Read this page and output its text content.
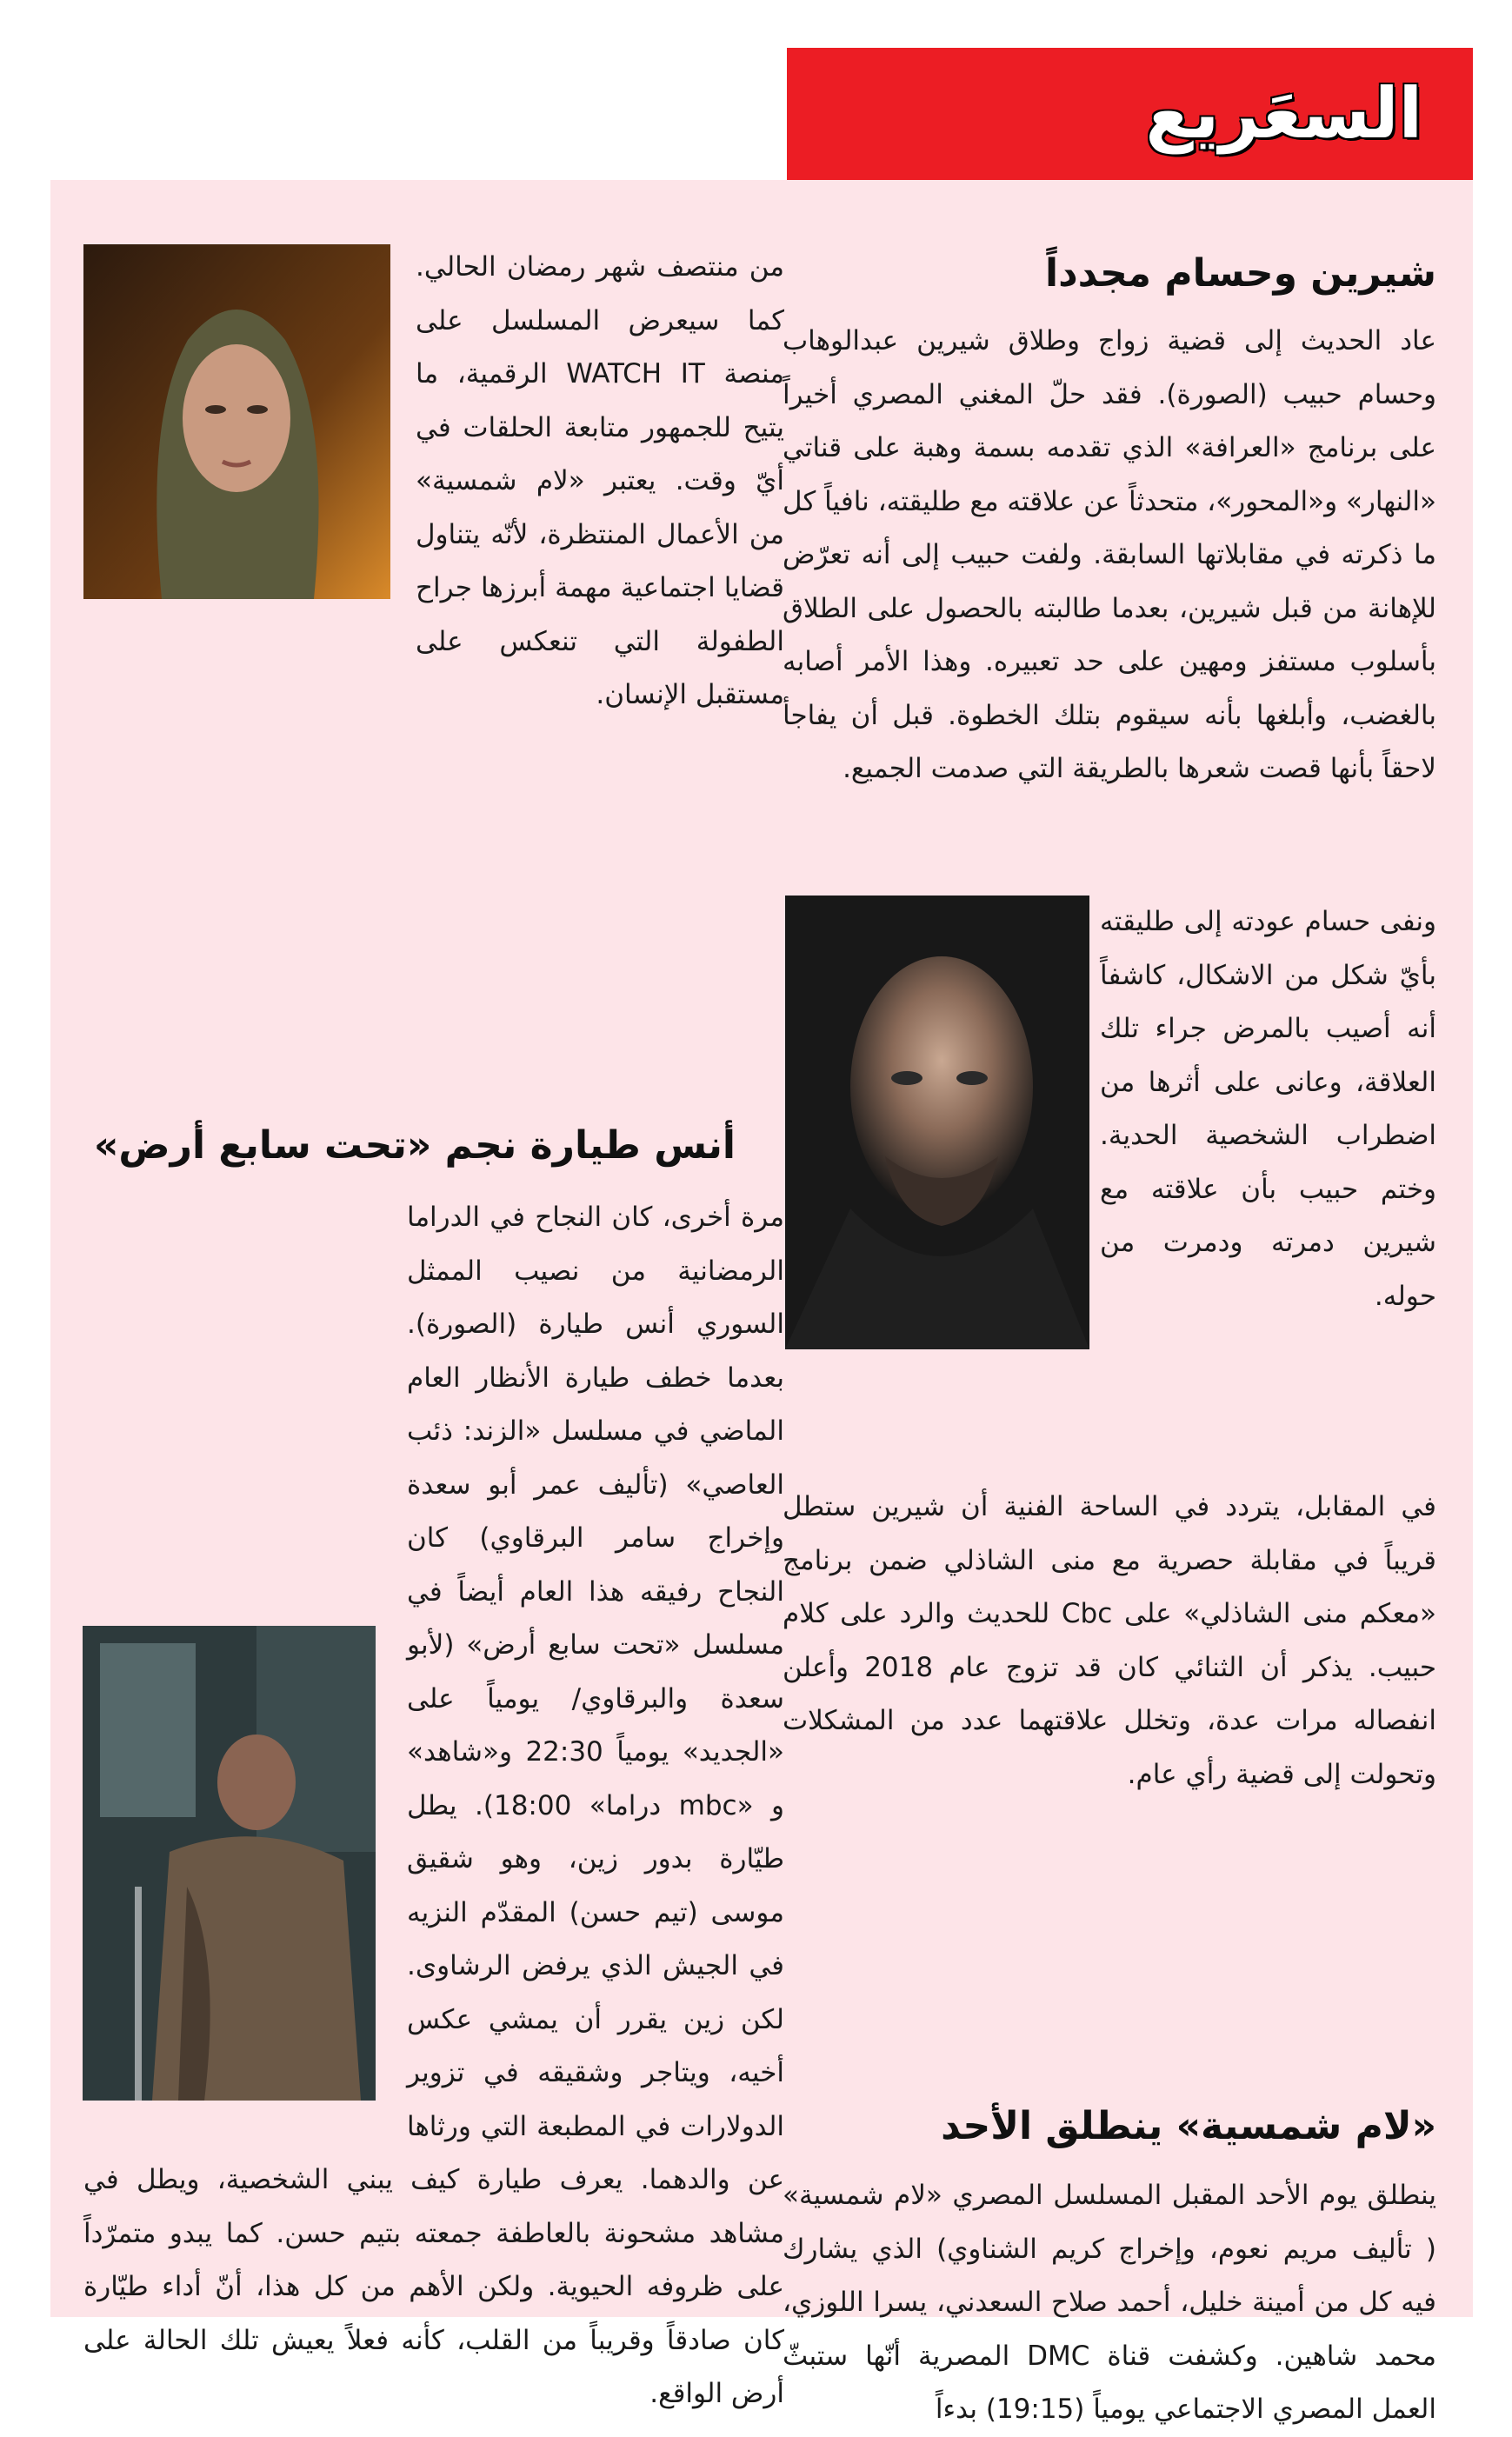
السعَريع
شيرين وحسام مجدداً

عاد الحديث إلى قضية زواج وطلاق شيرين عبدالوهاب وحسام حبيب (الصورة). فقد حلّ المغني المصري أخيراً على برنامج «العرافة» الذي تقدمه بسمة وهبة على قناتي «النهار» و«المحور»، متحدثاً عن علاقته مع طليقته، نافياً كل ما ذكرته في مقابلاتها السابقة. ولفت حبيب إلى أنه تعرّض للإهانة من قبل شيرين، بعدما طالبته بالحصول على الطلاق بأسلوب مستفز ومهين على حد تعبيره. وهذا الأمر أصابه بالغضب، وأبلغها بأنه سيقوم بتلك الخطوة. قبل أن يفاجأ لاحقاً بأنها قصت شعرها بالطريقة التي صدمت الجميع.

ونفى حسام عودته إلى طليقته بأيّ شكل من الاشكال، كاشفاً أنه أصيب بالمرض جراء تلك العلاقة، وعانى على أثرها من اضطراب الشخصية الحدية. وختم حبيب بأن علاقته مع شيرين دمرته ودمرت من حوله.

في المقابل، يتردد في الساحة الفنية أن شيرين ستطل قريباً في مقابلة حصرية مع منى الشاذلي ضمن برنامج «معكم منى الشاذلي» على Cbc للحديث والرد على كلام حبيب. يذكر أن الثنائي كان قد تزوج عام 2018 وأعلن انفصاله مرات عدة، وتخلل علاقتهما عدد من المشكلات وتحولت إلى قضية رأي عام.

«لام شمسية» ينطلق الأحد

ينطلق يوم الأحد المقبل المسلسل المصري «لام شمسية» ( تأليف مريم نعوم، وإخراج كريم الشناوي) الذي يشارك فيه كل من أمينة خليل، أحمد صلاح السعدني، يسرا اللوزي، محمد شاهين. وكشفت قناة DMC المصرية أنّها ستبثّ العمل المصري الاجتماعي يومياً (19:15) بدءاً

من منتصف شهر رمضان الحالي. كما سيعرض المسلسل على منصة WATCH IT الرقمية، ما يتيح للجمهور متابعة الحلقات في أيّ وقت. يعتبر «لام شمسية» من الأعمال المنتظرة، لأنّه يتناول قضايا اجتماعية مهمة أبرزها جراح الطفولة التي تنعكس على مستقبل الإنسان.

أنس طيارة نجم «تحت سابع أرض»

مرة أخرى، كان النجاح في الدراما الرمضانية من نصيب الممثل السوري أنس طيارة (الصورة). بعدما خطف طيارة الأنظار العام الماضي في مسلسل «الزند: ذئب العاصي» (تأليف عمر أبو سعدة وإخراج سامر البرقاوي) كان النجاح رفيقه هذا العام أيضاً في مسلسل «تحت سابع أرض» (لأبو سعدة والبرقاوي/ يومياً على «الجديد» يومياً 22:30 و«شاهد» و «mbc دراما» 18:00). يطل طيّارة بدور زين، وهو شقيق موسى (تيم حسن) المقدّم النزيه في الجيش الذي يرفض الرشاوى. لكن زين يقرر أن يمشي عكس أخيه، ويتاجر وشقيقه في تزوير الدولارات في المطبعة التي ورثاها عن والدهما. يعرف طيارة كيف يبني الشخصية، ويطل في مشاهد مشحونة بالعاطفة جمعته بتيم حسن. كما يبدو متمرّداً على ظروفه الحيوية. ولكن الأهم من كل هذا، أنّ أداء طيّارة كان صادقاً وقريباً من القلب، كأنه فعلاً يعيش تلك الحالة على أرض الواقع.
